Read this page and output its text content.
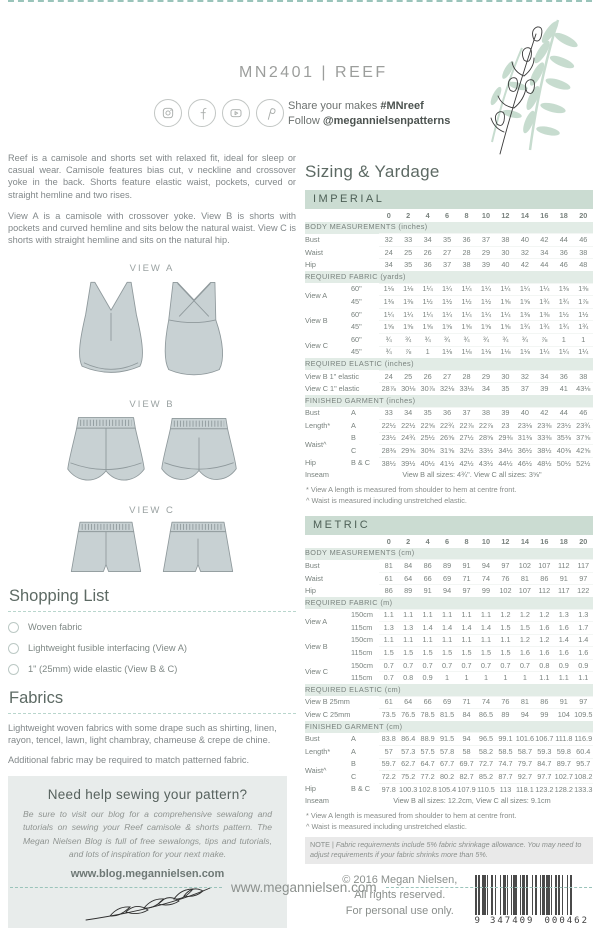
MN2401 | REEF
Share your makes #MNreef
Follow @megannielsenpatterns

Reef is a camisole and shorts set with relaxed fit, ideal for sleep or casual wear. Camisole features bias cut, v neckline and crossover yoke in the back. Shorts feature elastic waist, pockets, curved or straight hemline and two rises.

View A is a camisole with crossover yoke. View B is shorts with pockets and curved hemline and sits below the natural waist. View C is shorts with straight hemline and sits on the natural hip.

VIEW A
VIEW B
VIEW C
Shopping List
Woven fabric
Lightweight fusible interfacing (View A)
1" (25mm) wide elastic (View B & C)
Fabrics

Lightweight woven fabrics with some drape such as shirting, linen, rayon, tencel, lawn, light chambray, chameuse & crepe de chine.

Additional fabric may be required to match patterned fabric.

Need help sewing your pattern?

Be sure to visit our blog for a comprehensive sewalong and tutorials on sewing your Reef camisole & shorts pattern. The Megan Nielsen Blog is full of free sewalongs, tips and tutorials, and lots of inspiration for your next make.

www.blog.megannielsen.com
Sizing & Yardage
IMPERIAL
		0	2	4	6	8	10	12	14	16	18	20
BODY MEASUREMENTS (inches)												
Bust		32	33	34	35	36	37	38	40	42	44	46
Waist		24	25	26	27	28	29	30	32	34	36	38
Hip		34	35	36	37	38	39	40	42	44	46	48
REQUIRED FABRIC (yards)												
View A	60"	1⅛	1⅛	1¼	1¼	1¼	1¼	1¼	1¼	1¼	1⅜	1⅜
	45"	1⅜	1⅜	1½	1½	1½	1½	1⅝	1⅝	1¾	1¾	1⅞
View B	60"	1¼	1¼	1¼	1¼	1¼	1¼	1¼	1⅜	1⅜	1½	1½
	45"	1⅝	1⅝	1⅝	1⅝	1⅝	1⅝	1⅝	1¾	1¾	1¾	1¾
View C	60"	¾	¾	¾	¾	¾	¾	¾	¾	⅞	1	1
	45"	¾	⅞	1	1⅛	1⅛	1⅛	1⅛	1⅛	1¼	1¼	1¼
REQUIRED ELASTIC (inches)												
View B 1" elastic		24	25	26	27	28	29	30	32	34	36	38
View C 1" elastic		28⅞	30⅛	30⅞	32⅛	33⅛	34	35	37	39	41	43⅛
FINISHED GARMENT (inches)												
Bust	A	33	34	35	36	37	38	39	40	42	44	46
Length*	A	22½	22½	22⅝	22¾	22⅞	22⅞	23	23⅛	23⅜	23½	23¾
Waist^	B	23½	24¾	25½	26⅝	27½	28⅝	29⅜	31⅜	33⅜	35⅜	37⅝
	C	28⅜	29⅝	30⅜	31⅝	32½	33½	34½	36½	38½	40⅜	42⅝
Hip	B & C	38½	39½	40½	41½	42½	43½	44½	46½	48½	50½	52½
Inseam	View B all sizes: 4¾". View C all sizes: 3⅝"											
* View A length is measured from shoulder to hem at centre front.
^ Waist is measured including unstretched elastic.
METRIC
		0	2	4	6	8	10	12	14	16	18	20
BODY MEASUREMENTS (cm)												
Bust		81	84	86	89	91	94	97	102	107	112	117
Waist		61	64	66	69	71	74	76	81	86	91	97
Hip		86	89	91	94	97	99	102	107	112	117	122
REQUIRED FABRIC (m)												
View A	150cm	1.1	1.1	1.1	1.1	1.1	1.1	1.2	1.2	1.2	1.3	1.3
	115cm	1.3	1.3	1.4	1.4	1.4	1.4	1.5	1.5	1.6	1.6	1.7
View B	150cm	1.1	1.1	1.1	1.1	1.1	1.1	1.1	1.2	1.2	1.4	1.4
	115cm	1.5	1.5	1.5	1.5	1.5	1.5	1.5	1.6	1.6	1.6	1.6
View C	150cm	0.7	0.7	0.7	0.7	0.7	0.7	0.7	0.7	0.8	0.9	0.9
	115cm	0.7	0.8	0.9	1	1	1	1	1	1.1	1.1	1.1
REQUIRED ELASTIC (cm)												
View B 25mm		61	64	66	69	71	74	76	81	86	91	97
View C 25mm		73.5	76.5	78.5	81.5	84	86.5	89	94	99	104	109.5
FINISHED GARMENT (cm)												
Bust	A	83.8	86.4	88.9	91.5	94	96.5	99.1	101.6	106.7	111.8	116.9
Length*	A	57	57.3	57.5	57.8	58	58.2	58.5	58.7	59.3	59.8	60.4
Waist^	B	59.7	62.7	64.7	67.7	69.7	72.7	74.7	79.7	84.7	89.7	95.7
	C	72.2	75.2	77.2	80.2	82.7	85.2	87.7	92.7	97.7	102.7	108.2
Hip	B & C	97.8	100.3	102.8	105.4	107.9	110.5	113	118.1	123.2	128.2	133.3
Inseam	View B all sizes: 12.2cm, View C all sizes: 9.1cm											
* View A length is measured from shoulder to hem at centre front.
^ Waist is measured including unstretched elastic.
NOTE | Fabric requirements include 5% fabric shrinkage allowance. You may need to adjust requirements if your fabric shrinks more than 5%.
© 2016 Megan Nielsen,
All rights reserved.
For personal use only.
9 347409 000462
www.megannielsen.com
